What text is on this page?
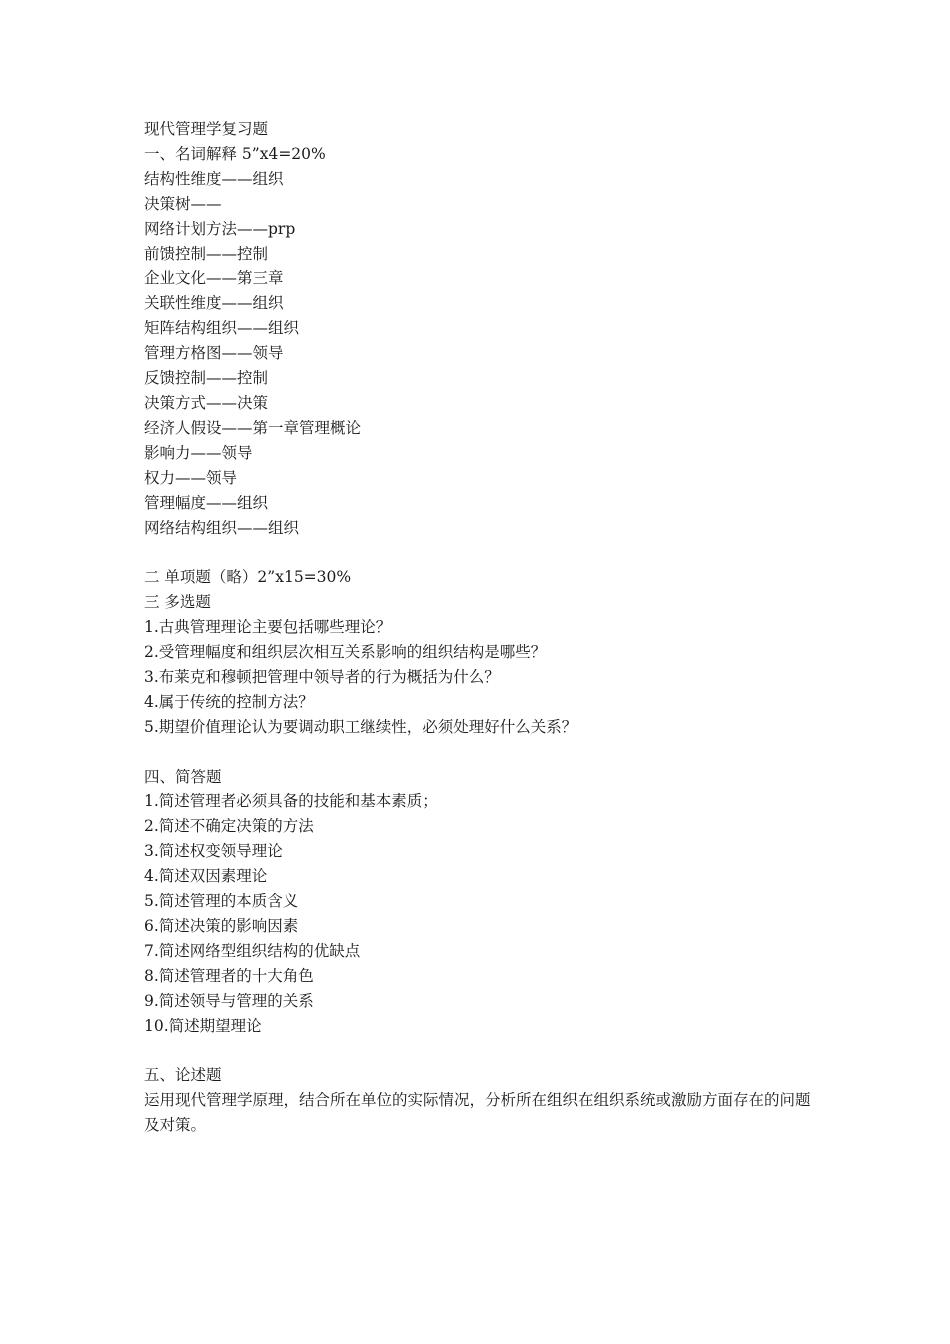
现代管理学复习题
一、名词解释 5”x4=20%
结构性维度——组织
决策树——
网络计划方法——prp
前馈控制——控制
企业文化——第三章
关联性维度——组织
矩阵结构组织——组织
管理方格图——领导
反馈控制——控制
决策方式——决策
经济人假设——第一章管理概论
影响力——领导
权力——领导
管理幅度——组织
网络结构组织——组织
二 单项题（略）2”x15=30%
三 多选题
1.古典管理理论主要包括哪些理论？
2.受管理幅度和组织层次相互关系影响的组织结构是哪些？
3.布莱克和穆顿把管理中领导者的行为概括为什么？
4.属于传统的控制方法？
5.期望价值理论认为要调动职工继续性，必须处理好什么关系？
四、简答题
1.简述管理者必须具备的技能和基本素质；
2.简述不确定决策的方法
3.简述权变领导理论
4.简述双因素理论
5.简述管理的本质含义
6.简述决策的影响因素
7.简述网络型组织结构的优缺点
8.简述管理者的十大角色
9.简述领导与管理的关系
10.简述期望理论
五、论述题
运用现代管理学原理，结合所在单位的实际情况，分析所在组织在组织系统或激励方面存在的问题及对策。
